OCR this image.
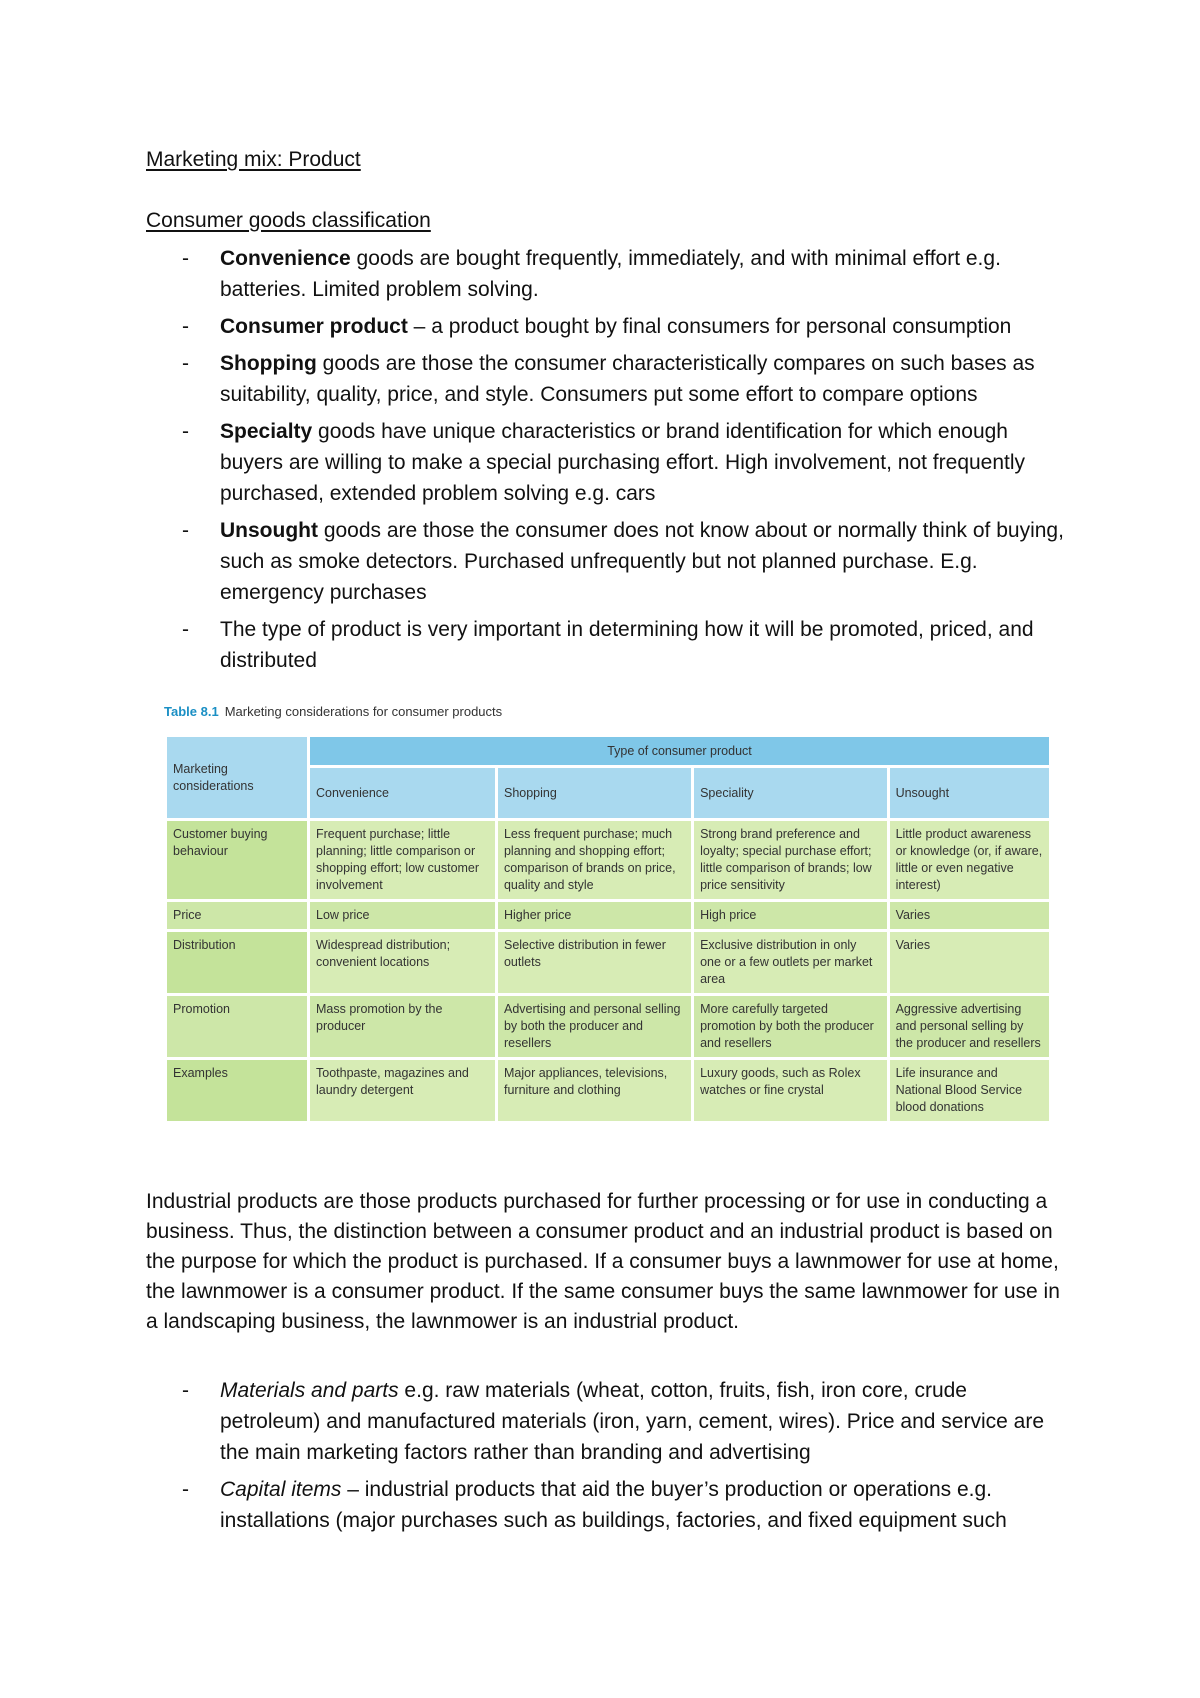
Marketing mix: Product
Consumer goods classification
- Convenience goods are bought frequently, immediately, and with minimal effort e.g. batteries. Limited problem solving.
- Consumer product – a product bought by final consumers for personal consumption
- Shopping goods are those the consumer characteristically compares on such bases as suitability, quality, price, and style. Consumers put some effort to compare options
- Specialty goods have unique characteristics or brand identification for which enough buyers are willing to make a special purchasing effort. High involvement, not frequently purchased, extended problem solving e.g. cars
- Unsought goods are those the consumer does not know about or normally think of buying, such as smoke detectors. Purchased unfrequently but not planned purchase. E.g. emergency purchases
- The type of product is very important in determining how it will be promoted, priced, and distributed
Table 8.1 Marketing considerations for consumer products
Marketing considerations	Type of consumer product			
	Convenience	Shopping	Speciality	Unsought
Customer buying behaviour	Frequent purchase; little planning; little comparison or shopping effort; low customer involvement	Less frequent purchase; much planning and shopping effort; comparison of brands on price, quality and style	Strong brand preference and loyalty; special purchase effort; little comparison of brands; low price sensitivity	Little product awareness or knowledge (or, if aware, little or even negative interest)
Price	Low price	Higher price	High price	Varies
Distribution	Widespread distribution; convenient locations	Selective distribution in fewer outlets	Exclusive distribution in only one or a few outlets per market area	Varies
Promotion	Mass promotion by the producer	Advertising and personal selling by both the producer and resellers	More carefully targeted promotion by both the producer and resellers	Aggressive advertising and personal selling by the producer and resellers
Examples	Toothpaste, magazines and laundry detergent	Major appliances, televisions, furniture and clothing	Luxury goods, such as Rolex watches or fine crystal	Life insurance and National Blood Service blood donations

Industrial products are those products purchased for further processing or for use in conducting a business. Thus, the distinction between a consumer product and an industrial product is based on the purpose for which the product is purchased. If a consumer buys a lawnmower for use at home, the lawnmower is a consumer product. If the same consumer buys the same lawnmower for use in a landscaping business, the lawnmower is an industrial product.

- Materials and parts e.g. raw materials (wheat, cotton, fruits, fish, iron core, crude petroleum) and manufactured materials (iron, yarn, cement, wires). Price and service are the main marketing factors rather than branding and advertising
- Capital items – industrial products that aid the buyer’s production or operations e.g. installations (major purchases such as buildings, factories, and fixed equipment such
